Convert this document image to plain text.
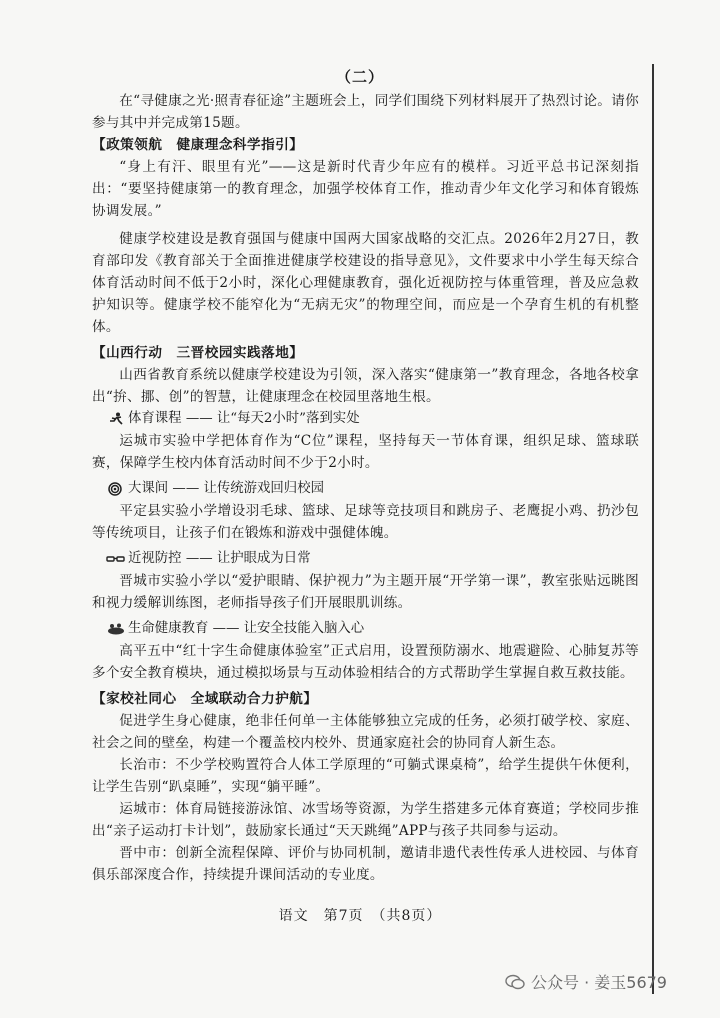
（二）
在“寻健康之光·照青春征途”主题班会上，同学们围绕下列材料展开了热烈讨论。请你参与其中并完成第15题。
【政策领航　健康理念科学指引】
“身上有汗、眼里有光”——这是新时代青少年应有的模样。习近平总书记深刻指出：“要坚持健康第一的教育理念，加强学校体育工作，推动青少年文化学习和体育锻炼协调发展。”
健康学校建设是教育强国与健康中国两大国家战略的交汇点。2026年2月27日，教育部印发《教育部关于全面推进健康学校建设的指导意见》，文件要求中小学生每天综合体育活动时间不低于2小时，深化心理健康教育，强化近视防控与体重管理，普及应急救护知识等。健康学校不能窄化为“无病无灾”的物理空间，而应是一个孕育生机的有机整体。
【山西行动　三晋校园实践落地】
山西省教育系统以健康学校建设为引领，深入落实“健康第一”教育理念，各地各校拿出“拚、挪、创”的智慧，让健康理念在校园里落地生根。
体育课程 —— 让“每天2小时”落到实处
运城市实验中学把体育作为“C位”课程，坚持每天一节体育课，组织足球、篮球联赛，保障学生校内体育活动时间不少于2小时。
大课间 —— 让传统游戏回归校园
平定县实验小学增设羽毛球、篮球、足球等竞技项目和跳房子、老鹰捉小鸡、扔沙包等传统项目，让孩子们在锻炼和游戏中强健体魄。
近视防控 —— 让护眼成为日常
晋城市实验小学以“爱护眼睛、保护视力”为主题开展“开学第一课”，教室张贴远眺图和视力缓解训练图，老师指导孩子们开展眼肌训练。
生命健康教育 —— 让安全技能入脑入心
高平五中“红十字生命健康体验室”正式启用，设置预防溺水、地震避险、心肺复苏等多个安全教育模块，通过模拟场景与互动体验相结合的方式帮助学生掌握自救互救技能。
【家校社同心　全域联动合力护航】
促进学生身心健康，绝非任何单一主体能够独立完成的任务，必须打破学校、家庭、社会之间的壁垒，构建一个覆盖校内校外、贯通家庭社会的协同育人新生态。
长治市：不少学校购置符合人体工学原理的“可躺式课桌椅”，给学生提供午休便利，让学生告别“趴桌睡”，实现“躺平睡”。
运城市：体育局链接游泳馆、冰雪场等资源，为学生搭建多元体育赛道；学校同步推出“亲子运动打卡计划”，鼓励家长通过“天天跳绳”APP与孩子共同参与运动。
晋中市：创新全流程保障、评价与协同机制，邀请非遗代表性传承人进校园、与体育俱乐部深度合作，持续提升课间活动的专业度。
语文　第7页　（共8页）
公众号 · 姜玉5679
